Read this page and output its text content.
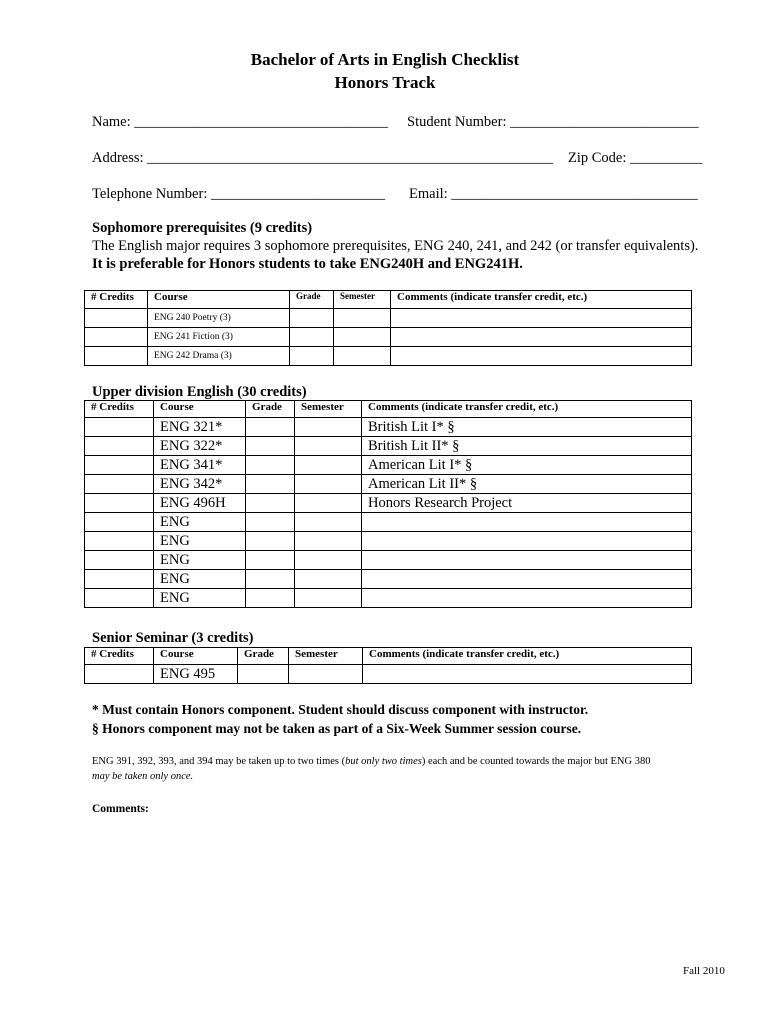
Bachelor of Arts in English Checklist
Honors Track
Name: ___________________________________ Student Number: __________________________
Address: ________________________________________________________ Zip Code: __________
Telephone Number: ________________________ Email: __________________________________
Sophomore prerequisites (9 credits)
The English major requires 3 sophomore prerequisites, ENG 240, 241, and 242 (or transfer equivalents).
It is preferable for Honors students to take ENG240H and ENG241H.
# Credits	Course	Grade	Semester	Comments (indicate transfer credit, etc.)
	ENG 240 Poetry (3)			
	ENG 241 Fiction (3)			
	ENG 242 Drama (3)			
Upper division English (30 credits)
# Credits	Course	Grade	Semester	Comments (indicate transfer credit, etc.)
	ENG 321*			British Lit I* §
	ENG 322*			British Lit II* §
	ENG 341*			American Lit I* §
	ENG 342*			American Lit II* §
	ENG 496H			Honors Research Project
	ENG			
	ENG			
	ENG			
	ENG			
	ENG			
Senior Seminar (3 credits)
# Credits	Course	Grade	Semester	Comments (indicate transfer credit, etc.)
	ENG 495			
* Must contain Honors component. Student should discuss component with instructor.
§ Honors component may not be taken as part of a Six-Week Summer session course.
ENG 391, 392, 393, and 394 may be taken up to two times (but only two times) each and be counted towards the major but ENG 380
may be taken only once.
Comments:
Fall 2010
